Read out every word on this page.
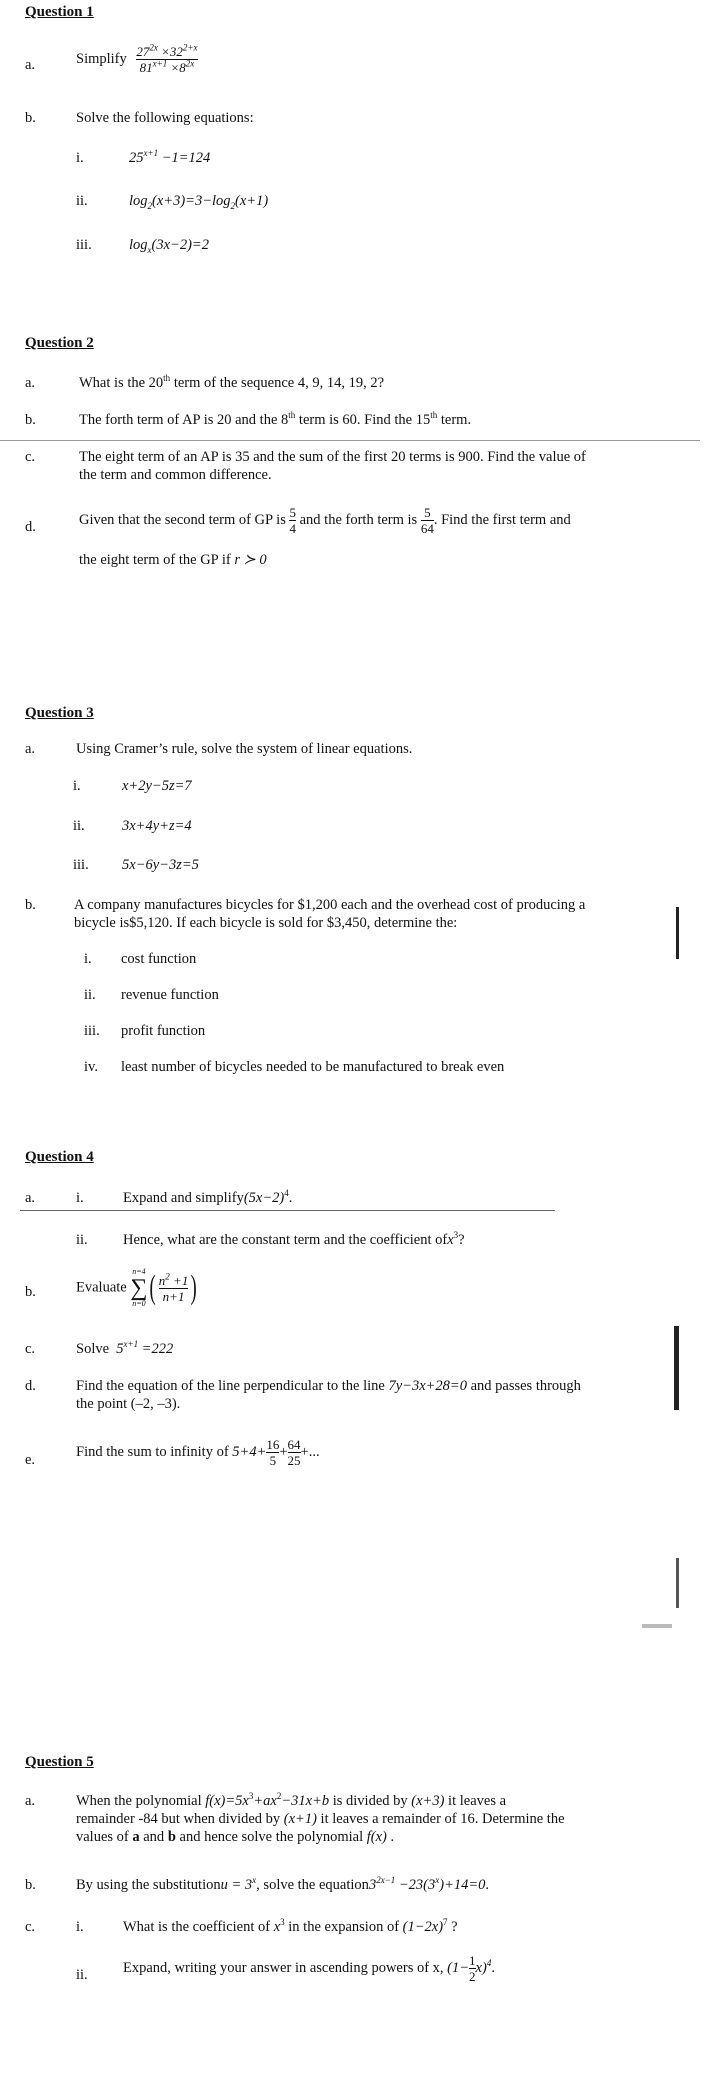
Question 1
a.	Simplify $\frac{27^{2x} \times 32^{2+x}}{81^{x+1} \times 8^{2x}}$
b.	Solve the following equations:
i.	$25^{x+1} -1=124$
ii.	$\log_2(x+3)=3-\log_2(x+1)$
iii.	$\log_x(3x-2)=2$
Question 2
a.	What is the 20th term of the sequence 4, 9, 14, 19, 2?
b.	The forth term of AP is 20 and the 8th term is 60. Find the 15th term.
c.	The eight term of an AP is 35 and the sum of the first 20 terms is 900. Find the value of
the term and common difference.
d.	Given that the second term of GP is $\frac{5}{4}$ and the forth term is $\frac{5}{64}$ . Find the first term and
the eight term of the GP if r ≻ 0
Question 3
a.	Using Cramer’s rule, solve the system of linear equations.
i.	x+2y−5z=7
ii.	3x+4y+z=4
iii. 5x−6y−3z=5
b.	A company manufactures bicycles for $1,200 each and the overhead cost of producing a
bicycle is$5,120. If each bicycle is sold for $3,450, determine the:
i. cost function
ii. revenue function
iii. profit function
iv. least number of bicycles needed to be manufactured to break even
Question 4
a.	i.	Expand and $simplify(5x-2)^4$.
ii. Hence, what are the constant term and the coefficient ofx$^3$?
b.	Evaluate
n=4
∑
n=0 ( $\frac{n^2 +1}{n+1}$ )
c.	Solve $5^{x+1} =222$
d.	Find the equation of the line perpendicular to the line 7y−3x+28=0 and passes through
the point (–2, –3).
e.	Find the sum to infinity of $5+4+ \frac{16}{5} + \frac{64}{25}$ +...
Question 5
a.	When the polynomial $f(x)=5x^3+ax^2-31x+b$ is divided by (x+3) it leaves a
remainder -84 but when divided by (x+1) it leaves a remainder of 16. Determine the
values of a and b and hence solve the polynomial f(x) .
b.	By using the substitutionu = $3^x$, solve the $equation3^{2x-1} -23(3^x)+14=0$.
c.	i.	What is the coefficient of $x^3$ in the expansion of $(1-2x)^7$ ?
ii. Expand, writing your answer in ascending powers of x, $(1- \frac{1}{2} x)^4$.
